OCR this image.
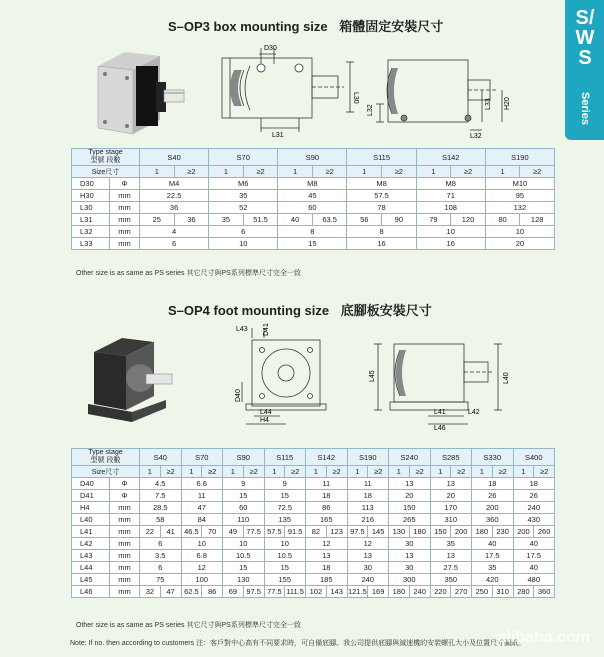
S/WS
Series
S–OP3 box mounting size 箱體固定安裝尺寸
D30
L30
L31
L32
L33 H20
L32
Type stage
型號 段數		S40		S70		S90		S115		S142		S190	
Size尺寸		1	≥2	1	≥2	1	≥2	1	≥2	1	≥2	1	≥2
D30	Φ	M4		M6		M8		M8		M8		M10	
H30	mm	22.5		35		45		57.5		71		95	
L30	mm	36		52		60		78		108		132	
L31	mm	25	36	35	51.5	40	63.5	56	90	79	120	80	128
L32	mm	4		6		8		8		10		10	
L33	mm	6		10		15		16		16		20	
Other size is as same as PS series 其它尺寸與PS系列標準尺寸完全一致
S–OP4 foot mounting size 底腳板安裝尺寸
L43 D41
D40
L44
H4
L45	L40
L41	L42
L46
Type stage
型號 段數		S40		S70		S90		S115		S142		S190		S240		S285		S330		S400	
Size尺寸		1	≥2	1	≥2	1	≥2	1	≥2	1	≥2	1	≥2	1	≥2	1	≥2	1	≥2	1	≥2
D40	Φ	4.5		6.6		9		9		11		11		13		13		18		18	
D41	Φ	7.5		11		15		15		18		18		20		20		26		26	
H4	mm	28.5		47		60		72.5		86		113		150		170		200		240	
L40	mm	58		84		110		135		165		216		265		310		360		430	
L41	mm	22	41	46.5	70	49	77.5	57.5	91.5	82	123	97.5	145	130	180	150	200	180	230	200	260
L42	mm	6		10		10		10		12		12		30		35		40		40	
L43	mm	3.5		6.8		10.5		10.5		13		13		13		13		17.5		17.5	
L44	mm	6		12		15		15		18		30		30		27.5		35		40	
L45	mm	75		100		130		155		185		240		300		350		420		480	
L46	mm	32	47	62.5	86	69	97.5	77.5	111.5	102	143	121.5	169	180	240	220	270	250	310	280	360
Other size is as same as PS series 其它尺寸與PS系列標準尺寸完全一致
Note: If no. then according to customers 注：客戶對中心高有不同要求時，可自備底腳。我公司提供底腳與減速機的安裝螺孔大小及位置尺寸圖紙。
alibaba.com
